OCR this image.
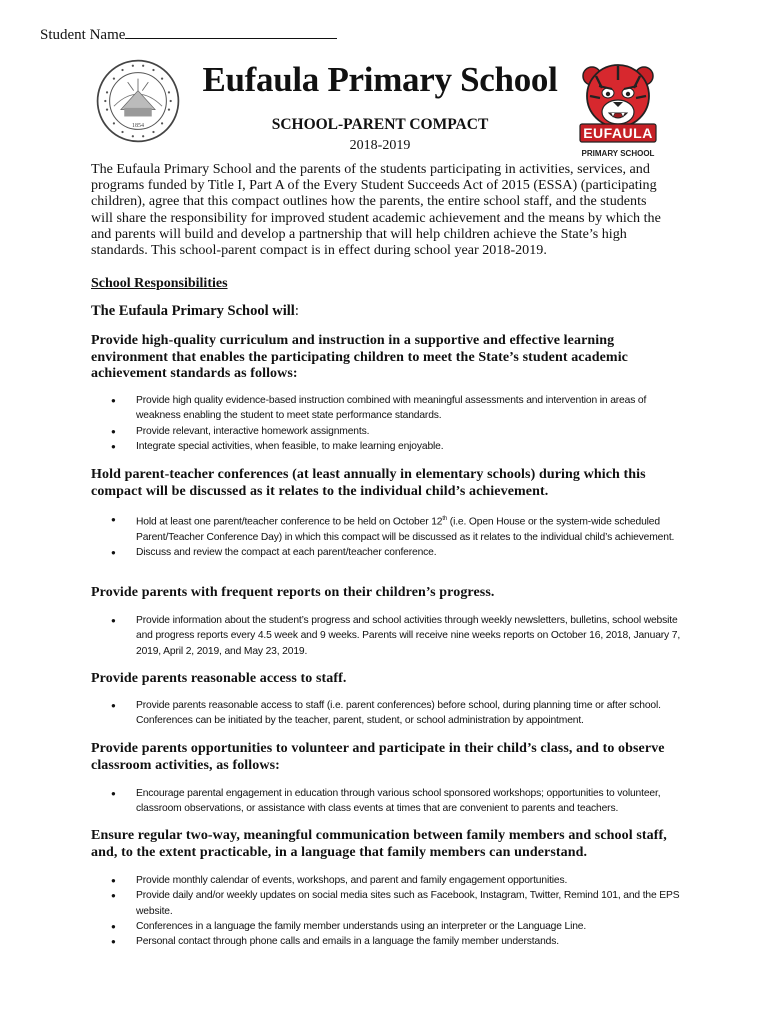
Student Name
1854	EUFAULA
PRIMARY SCHOOL
Eufaula Primary School
SCHOOL-PARENT COMPACT
2018-2019
The Eufaula Primary School and the parents of the students participating in activities, services, and programs funded by Title I, Part A of the Every Student Succeeds Act of 2015 (ESSA) (participating children), agree that this compact outlines how the parents, the entire school staff, and the students will share the responsibility for improved student academic achievement and the means by which the and parents will build and develop a partnership that will help children achieve the State’s high standards. This school-parent compact is in effect during school year 2018-2019.
School Responsibilities
The Eufaula Primary School will:
Provide high-quality curriculum and instruction in a supportive and effective learning environment that enables the participating children to meet the State’s student academic achievement standards as follows:
● Provide high quality evidence-based instruction combined with meaningful assessments and intervention in areas of weakness enabling the student to meet state performance standards.
● Provide relevant, interactive homework assignments.
● Integrate special activities, when feasible, to make learning enjoyable.
Hold parent-teacher conferences (at least annually in elementary schools) during which this compact will be discussed as it relates to the individual child’s achievement.
● Hold at least one parent/teacher conference to be held on October 12th (i.e. Open House or the system-wide scheduled Parent/Teacher Conference Day) in which this compact will be discussed as it relates to the individual child’s achievement.
● Discuss and review the compact at each parent/teacher conference.
Provide parents with frequent reports on their children’s progress.
● Provide information about the student’s progress and school activities through weekly newsletters, bulletins, school website and progress reports every 4.5 week and 9 weeks. Parents will receive nine weeks reports on October 16, 2018, January 7, 2019, April 2, 2019, and May 23, 2019.
Provide parents reasonable access to staff.
● Provide parents reasonable access to staff (i.e. parent conferences) before school, during planning time or after school. Conferences can be initiated by the teacher, parent, student, or school administration by appointment.
Provide parents opportunities to volunteer and participate in their child’s class, and to observe classroom activities, as follows:
● Encourage parental engagement in education through various school sponsored workshops; opportunities to volunteer, classroom observations, or assistance with class events at times that are convenient to parents and teachers.
Ensure regular two-way, meaningful communication between family members and school staff, and, to the extent practicable, in a language that family members can understand.
● Provide monthly calendar of events, workshops, and parent and family engagement opportunities.
● Provide daily and/or weekly updates on social media sites such as Facebook, Instagram, Twitter, Remind 101, and the EPS website.
● Conferences in a language the family member understands using an interpreter or the Language Line.
● Personal contact through phone calls and emails in a language the family member understands.
